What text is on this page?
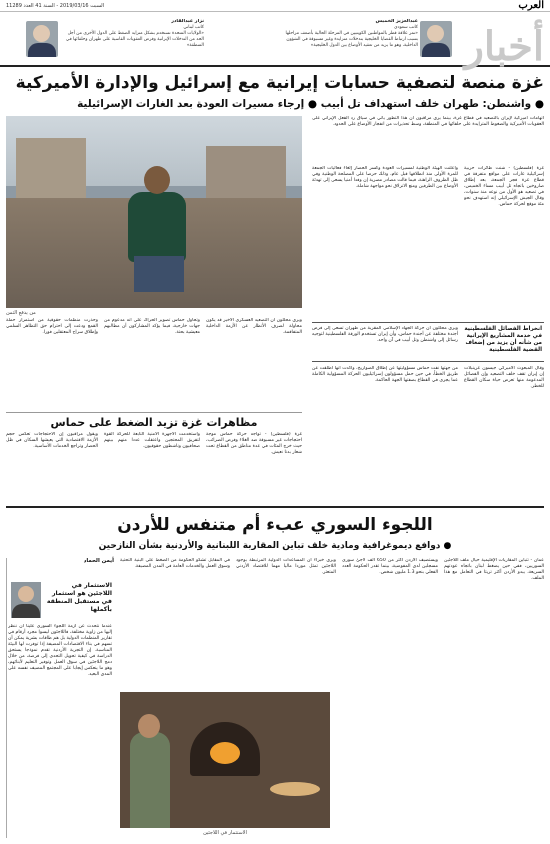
السبت 2019/03/16 - السنة 41 العدد 11289	العرب
أخبار
عبدالعزيز الخميس
كاتب سعودي
«تمر علاقة قطر بالمواطنين الكويتيين في المرحلة الحالية بأضعف مراحلها بسبب ارتباط القضايا الخليجية بتدخلات متزايدة وغير مسبوقة في الشؤون الداخلية، وهو ما يزيد من تعقيد الأوضاع بين الدول الخليجية»
نزار عبدالقادر
كاتب لبناني
«الولايات المتحدة تستخدم بشكل متزايد الضغط على الدول الأخرى من أجل الحد من التدخلات الإيرانية وفرض العقوبات القاسية على طهران وحلفائها في المنطقة»
غزة منصة لتصفية حسابات إيرانية مع إسرائيل والإدارة الأميركية
● واشنطن: طهران خلف استهداف تل أبيب ● إرجاء مسيرات العودة بعد الغارات الإسرائيلية
اتهامات أميركية لإيران بالتصعيد في قطاع غزة، بينما يرى مراقبون أن هذا التطور يأتي في سياق رد الفعل الإيراني على العقوبات الأميركية والضغوط المتزايدة على حلفائها في المنطقة، وسط تحذيرات من انفجار الأوضاع على الحدود.
غزة (فلسطين) - شنت طائرات حربية إسرائيلية غارات على مواقع متفرقة في قطاع غزة فجر الجمعة، بعد إطلاق صاروخين باتجاه تل أبيب مساء الخميس، في تصعيد هو الأول من نوعه منذ سنوات، وقال الجيش الإسرائيلي إنه استهدف نحو مئة موقع لحركة حماس.
وأعلنت الهيئة الوطنية لمسيرات العودة وكسر الحصار إلغاء فعاليات الجمعة للمرة الأولى منذ انطلاقها قبل عام، وذلك حرصا على المصلحة الوطنية وفي ظل الظروف الراهنة، فيما قالت مصادر مصرية إن وفدا أمنيا يسعى إلى تهدئة الأوضاع بين الطرفين ومنع الانزلاق نحو مواجهة شاملة.
انخراط الفصائل الفلسطينية في خدمة المشاريع الإيرانية من شأنه أن يزيد من إضعاف القضية الفلسطينية
ويرى محللون أن حركة الجهاد الإسلامي المقربة من طهران تسعى إلى فرض أجندة مختلفة عن أجندة حماس، وأن إيران تستخدم الورقة الفلسطينية لتوجيه رسائل إلى واشنطن وتل أبيب في آن واحد.
وقال المبعوث الأميركي جيسون غرينبلات إن إيران تقف خلف التصعيد وإن الفصائل المدعومة منها تعرض حياة سكان القطاع للخطر.
من جهتها نفت حماس مسؤوليتها عن إطلاق الصواريخ، وأكدت أنها أطلقت عن طريق الخطأ، في حين حمل مسؤولون إسرائيليون الحركة المسؤولية الكاملة عما يجري في القطاع بصفتها الجهة الحاكمة.
من يدفع الثمن
وحذرت منظمات حقوقية من استمرار حملة القمع ودعت إلى احترام حق التظاهر السلمي وإطلاق سراح المعتقلين فورا.
وتحاول حماس تصوير الحراك على أنه مدعوم من جهات خارجية، فيما يؤكد المشاركون أن مطالبهم معيشية بحتة.
ويرى محللون أن التصعيد العسكري الأخير قد يكون محاولة لصرف الأنظار عن الأزمة الداخلية المتفاقمة.
مظاهرات غزة تزيد الضغط على حماس
ويقول مراقبون إن الاحتجاجات تعكس حجم الأزمة الاقتصادية التي يعيشها السكان في ظل الحصار وتراجع الخدمات الأساسية.
واستخدمت الأجهزة الأمنية التابعة للحركة القوة لتفريق المحتجين واعتقلت عددا منهم بينهم صحافيون وناشطون حقوقيون.
غزة (فلسطين) - تواجه حركة حماس موجة احتجاجات غير مسبوقة ضد الغلاء وفرض الضرائب، حيث خرج المئات في عدة مناطق من القطاع تحت شعار بدنا نعيش.
اللجوء السوري عبء أم متنفس للأردن
● دوافع ديموغرافية ومادية خلف تباين المقاربة اللبنانية والأردنية بشأن النازحين
عمان - تتباين المقاربات الإقليمية حيال ملف اللاجئين السوريين، ففي حين يضغط لبنان باتجاه عودتهم السريعة، يبدو الأردن أكثر تريثا في التعامل مع هذا الملف.
ويستضيف الأردن أكثر من 650 ألف لاجئ سوري مسجلين لدى المفوضية، بينما تقدر الحكومة العدد الفعلي بنحو 1.3 مليون شخص.
ويرى خبراء أن المساعدات الدولية المرتبطة بوجود اللاجئين تمثل موردا ماليا مهما للاقتصاد الأردني المتعثر.
في المقابل تشكو الحكومة من الضغط على البنية التحتية وسوق العمل والخدمات العامة في المدن المضيفة.
الاستثمار في اللاجئين
أيمن الحماد
الاستثمار في اللاجئين هو استثمار في مستقبل المنطقة بأكملها
عندما نتحدث عن أزمة اللجوء السوري علينا أن ننظر إليها من زاوية مختلفة، فاللاجئون ليسوا مجرد أرقام في تقارير المنظمات الدولية بل هم طاقات بشرية يمكن أن تسهم في بناء الاقتصادات المضيفة إذا توفرت لها البيئة المناسبة. إن التجربة الأردنية تقدم نموذجا يستحق الدراسة في كيفية تحويل التحدي إلى فرصة، من خلال دمج اللاجئين في سوق العمل وتوفير التعليم لأبنائهم، وهو ما ينعكس إيجابا على المجتمع المضيف نفسه على المدى البعيد.
